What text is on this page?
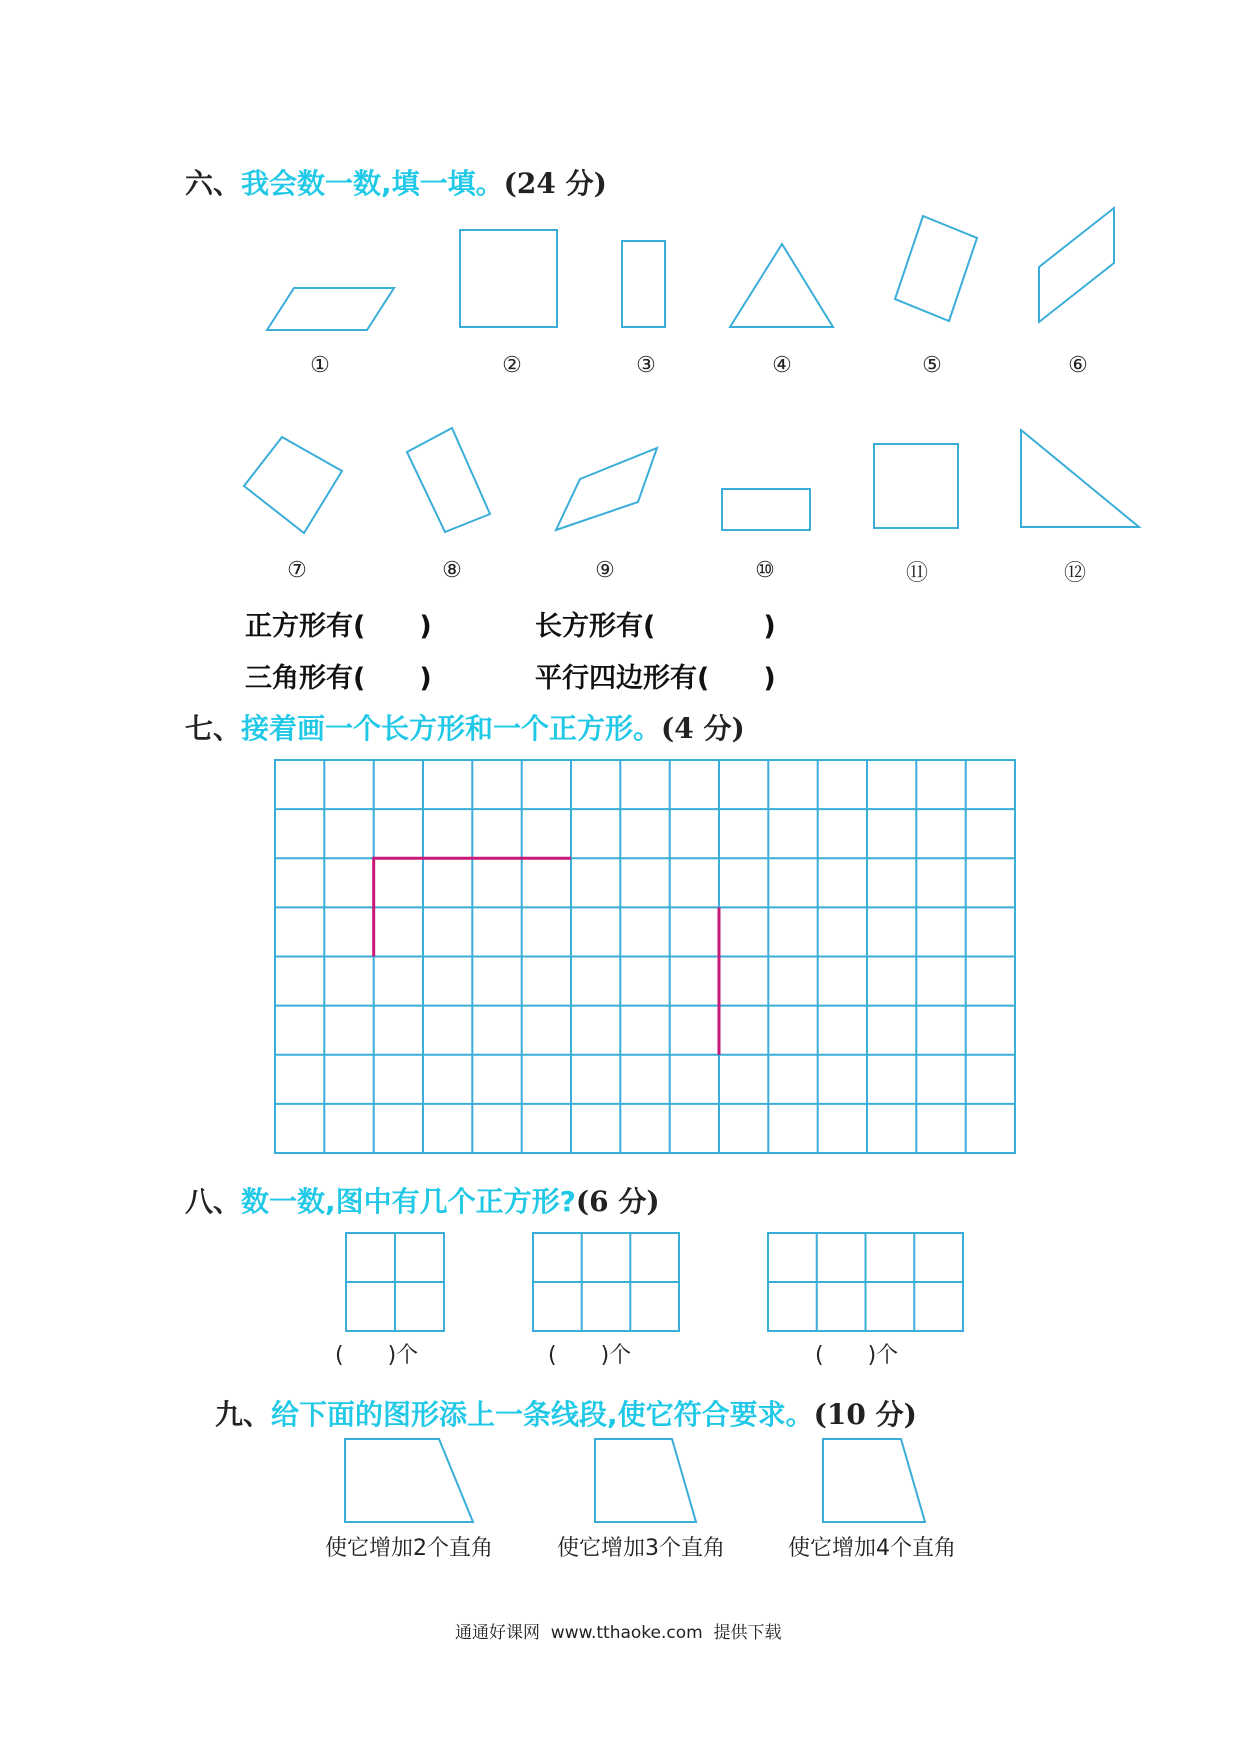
六、我会数一数,填一填。(24 分)
①	②	③	④	⑤	⑥
⑦	⑧	⑨	⑩	⑪	⑫
正方形有(　　)	长方形有(　　　　)
三角形有(　　)	平行四边形有(　　)
七、接着画一个长方形和一个正方形。(4 分)
八、数一数,图中有几个正方形?(6 分)
(　　)个	(　　)个	(　　)个
九、给下面的图形添上一条线段,使它符合要求。(10 分)
使它增加2个直角	使它增加3个直角	使它增加4个直角
通通好课网  www.tthaoke.com  提供下载
